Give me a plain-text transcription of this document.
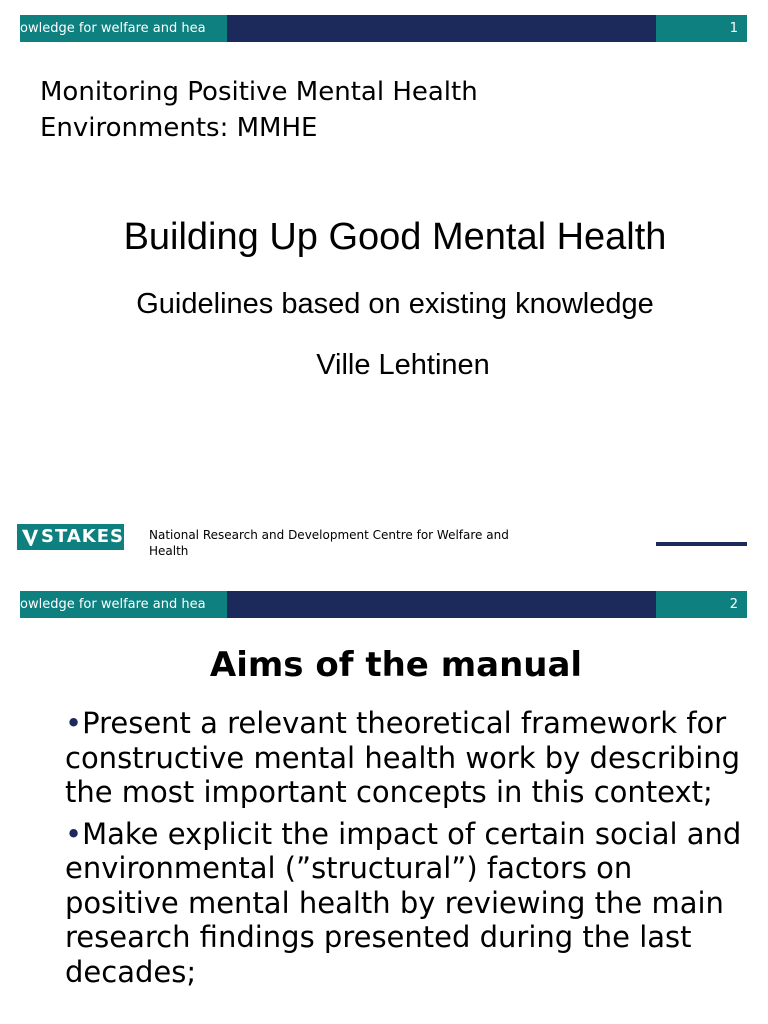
owledge for welfare and hea	1
Monitoring Positive Mental Health
Environments: MMHE
Building Up Good Mental Health
Guidelines based on existing knowledge
Ville Lehtinen
STAKES National Research and Development Centre for Welfare and
Health
owledge for welfare and hea	2
Aims of the manual
•Present a relevant theoretical framework for constructive mental health work by describing the most important concepts in this context;
•Make explicit the impact of certain social and environmental (”structural”) factors on positive mental health by reviewing the main research findings presented during the last decades;
